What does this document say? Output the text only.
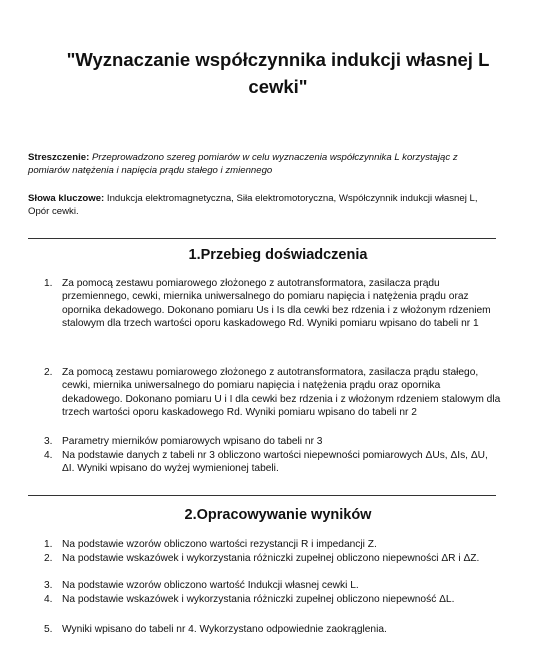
"Wyznaczanie współczynnika indukcji własnej L cewki"
Streszczenie: Przeprowadzono szereg pomiarów w celu wyznaczenia współczynnika L korzystając z pomiarów natężenia i napięcia prądu stałego i zmiennego
Słowa kluczowe: Indukcja elektromagnetyczna, Siła elektromotoryczna, Współczynnik indukcji własnej L, Opór cewki.
1.Przebieg doświadczenia
1. Za pomocą zestawu pomiarowego złożonego z autotransformatora, zasilacza prądu przemiennego, cewki, miernika uniwersalnego do pomiaru napięcia i natężenia prądu oraz opornika dekadowego. Dokonano pomiaru Us i Is dla cewki bez rdzenia i z włożonym rdzeniem stalowym dla trzech wartości oporu kaskadowego Rd. Wyniki pomiaru wpisano do tabeli nr 1
2. Za pomocą zestawu pomiarowego złożonego z autotransformatora, zasilacza prądu stałego, cewki, miernika uniwersalnego do pomiaru napięcia i natężenia prądu oraz opornika dekadowego. Dokonano pomiaru U i I dla cewki bez rdzenia i z włożonym rdzeniem stalowym dla trzech wartości oporu kaskadowego Rd. Wyniki pomiaru wpisano do tabeli nr 2
3. Parametry mierników pomiarowych wpisano do tabeli nr 3
4. Na podstawie danych z tabeli nr 3 obliczono wartości niepewności pomiarowych ΔUs, ΔIs, ΔU, ΔI. Wyniki wpisano do wyżej wymienionej tabeli.
2.Opracowywanie wyników
1. Na podstawie wzorów obliczono wartości rezystancji R i impedancji Z.
2. Na podstawie wskazówek i wykorzystania różniczki zupełnej obliczono niepewności ΔR i ΔZ.
3. Na podstawie wzorów obliczono wartość Indukcji własnej cewki L.
4. Na podstawie wskazówek i wykorzystania różniczki zupełnej obliczono niepewność ΔL.
5. Wyniki wpisano do tabeli nr 4. Wykorzystano odpowiednie zaokrąglenia.
